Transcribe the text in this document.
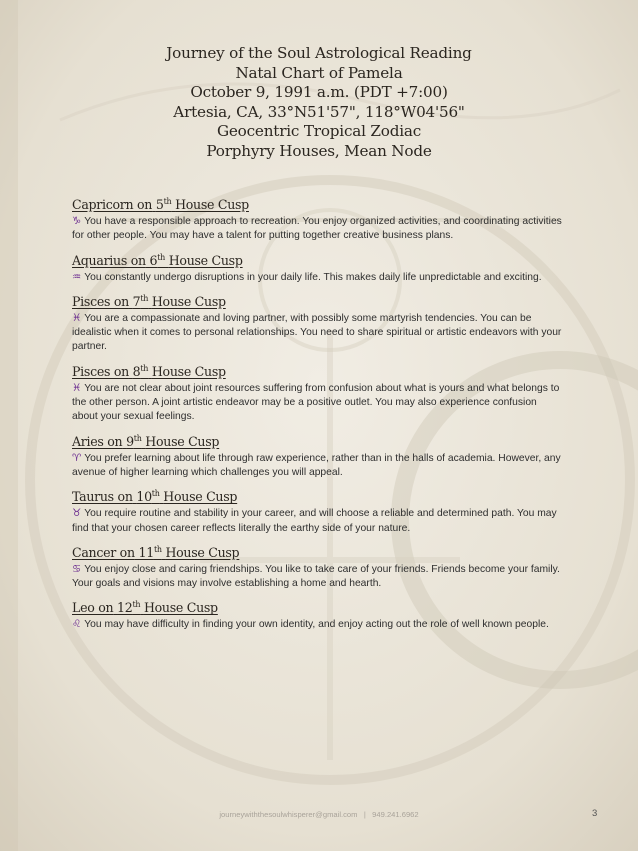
Journey of the Soul Astrological Reading
Natal Chart of Pamela
October 9, 1991 a.m. (PDT +7:00)
Artesia, CA, 33°N51'57", 118°W04'56"
Geocentric Tropical Zodiac
Porphyry Houses, Mean Node
Capricorn on 5th House Cusp
♑ You have a responsible approach to recreation. You enjoy organized activities, and coordinating activities for other people. You may have a talent for putting together creative business plans.
Aquarius on 6th House Cusp
♒ You constantly undergo disruptions in your daily life. This makes daily life unpredictable and exciting.
Pisces on 7th House Cusp
♓ You are a compassionate and loving partner, with possibly some martyrish tendencies. You can be idealistic when it comes to personal relationships. You need to share spiritual or artistic endeavors with your partner.
Pisces on 8th House Cusp
♓ You are not clear about joint resources suffering from confusion about what is yours and what belongs to the other person. A joint artistic endeavor may be a positive outlet. You may also experience confusion about your sexual feelings.
Aries on 9th House Cusp
♈ You prefer learning about life through raw experience, rather than in the halls of academia. However, any avenue of higher learning which challenges you will appeal.
Taurus on 10th House Cusp
♉ You require routine and stability in your career, and will choose a reliable and determined path. You may find that your chosen career reflects literally the earthy side of your nature.
Cancer on 11th House Cusp
♋ You enjoy close and caring friendships. You like to take care of your friends. Friends become your family. Your goals and visions may involve establishing a home and hearth.
Leo on 12th House Cusp
♌ You may have difficulty in finding your own identity, and enjoy acting out the role of well known people.
journeywiththesoulwhisperer@gmail.com | 949.241.6962	3
